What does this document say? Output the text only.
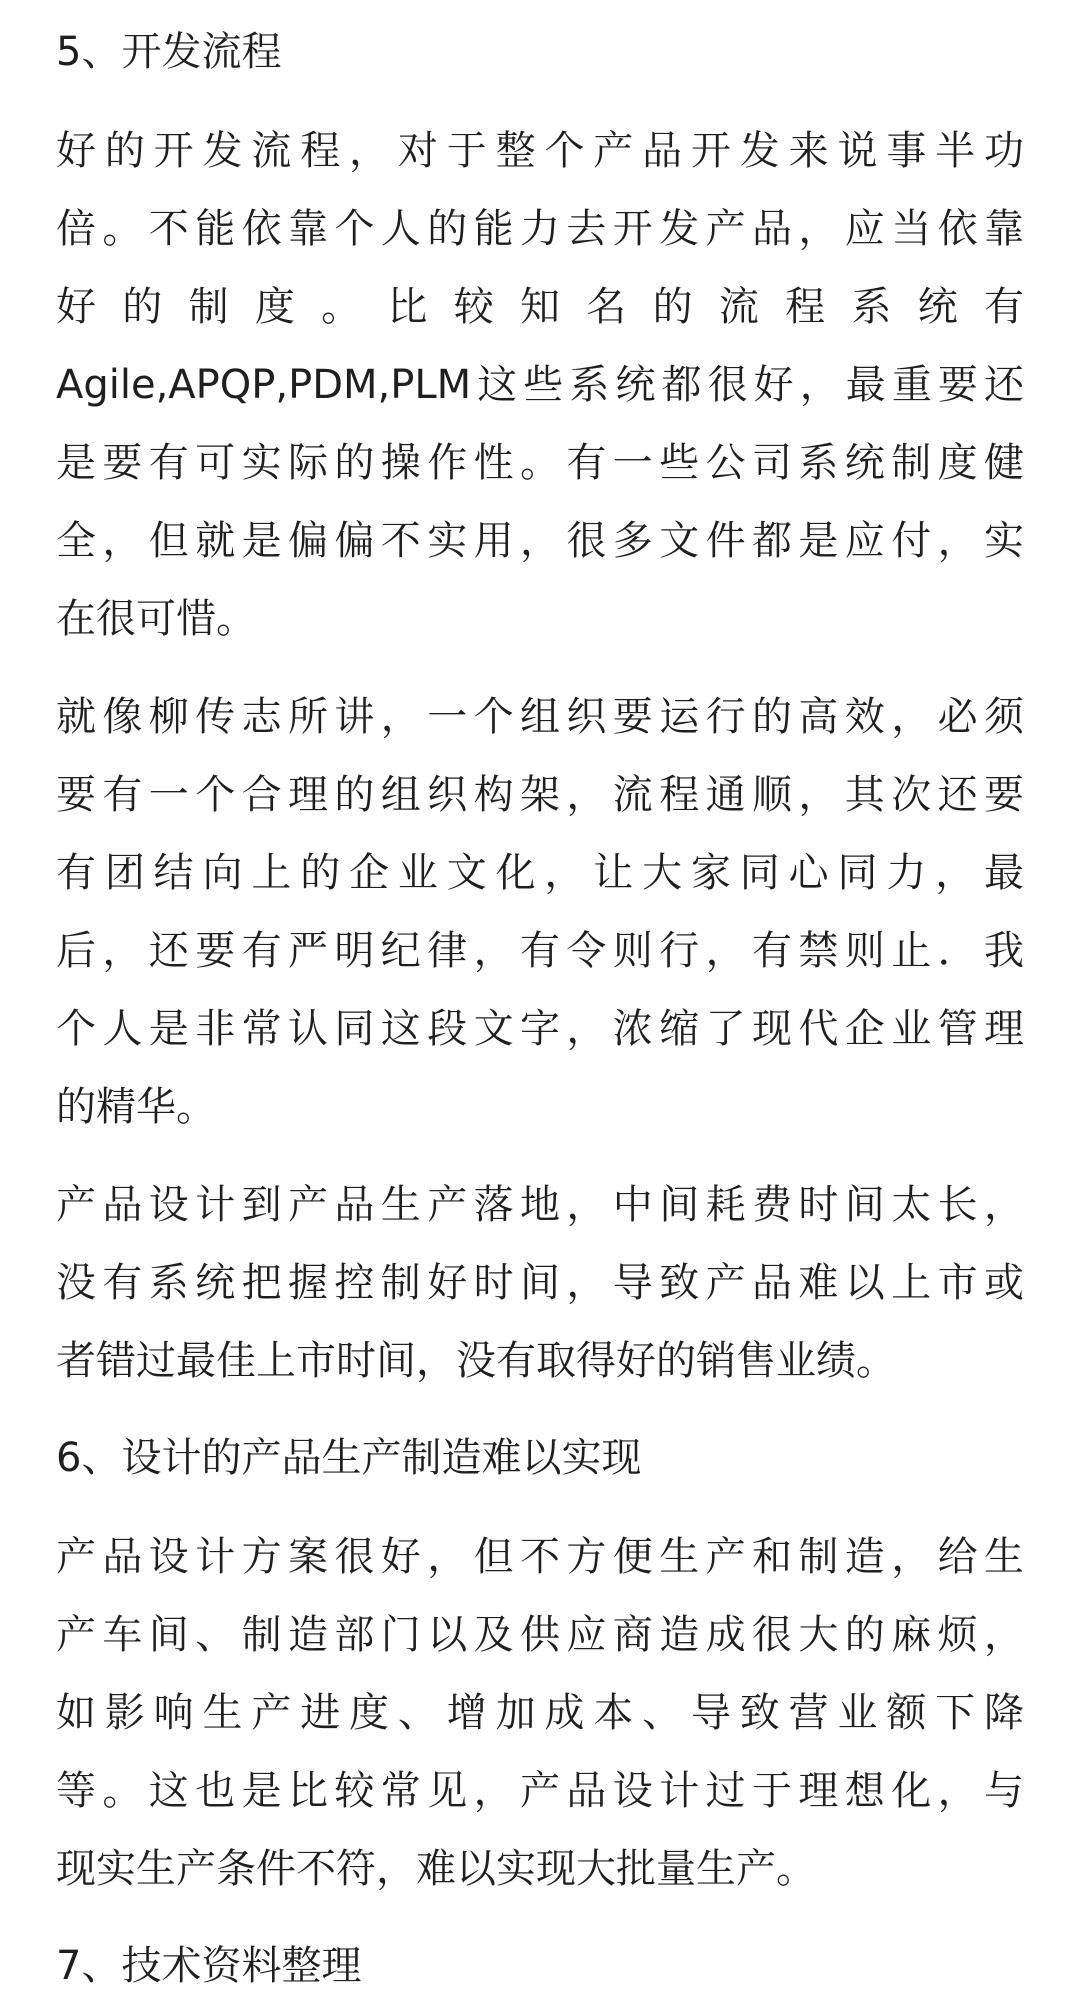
5、开发流程
好的开发流程，对于整个产品开发来说事半功
倍。不能依靠个人的能力去开发产品，应当依靠
好的制度。比较知名的流程系统有
Agile,APQP,PDM,PLM这些系统都很好，最重要还
是要有可实际的操作性。有一些公司系统制度健
全，但就是偏偏不实用，很多文件都是应付，实
在很可惜。
就像柳传志所讲，一个组织要运行的高效，必须
要有一个合理的组织构架，流程通顺，其次还要
有团结向上的企业文化，让大家同心同力，最
后，还要有严明纪律，有令则行，有禁则止．我
个人是非常认同这段文字，浓缩了现代企业管理
的精华。
产品设计到产品生产落地，中间耗费时间太长，
没有系统把握控制好时间，导致产品难以上市或
者错过最佳上市时间，没有取得好的销售业绩。
6、设计的产品生产制造难以实现
产品设计方案很好，但不方便生产和制造，给生
产车间、制造部门以及供应商造成很大的麻烦，
如影响生产进度、增加成本、导致营业额下降
等。这也是比较常见，产品设计过于理想化，与
现实生产条件不符，难以实现大批量生产。
7、技术资料整理
